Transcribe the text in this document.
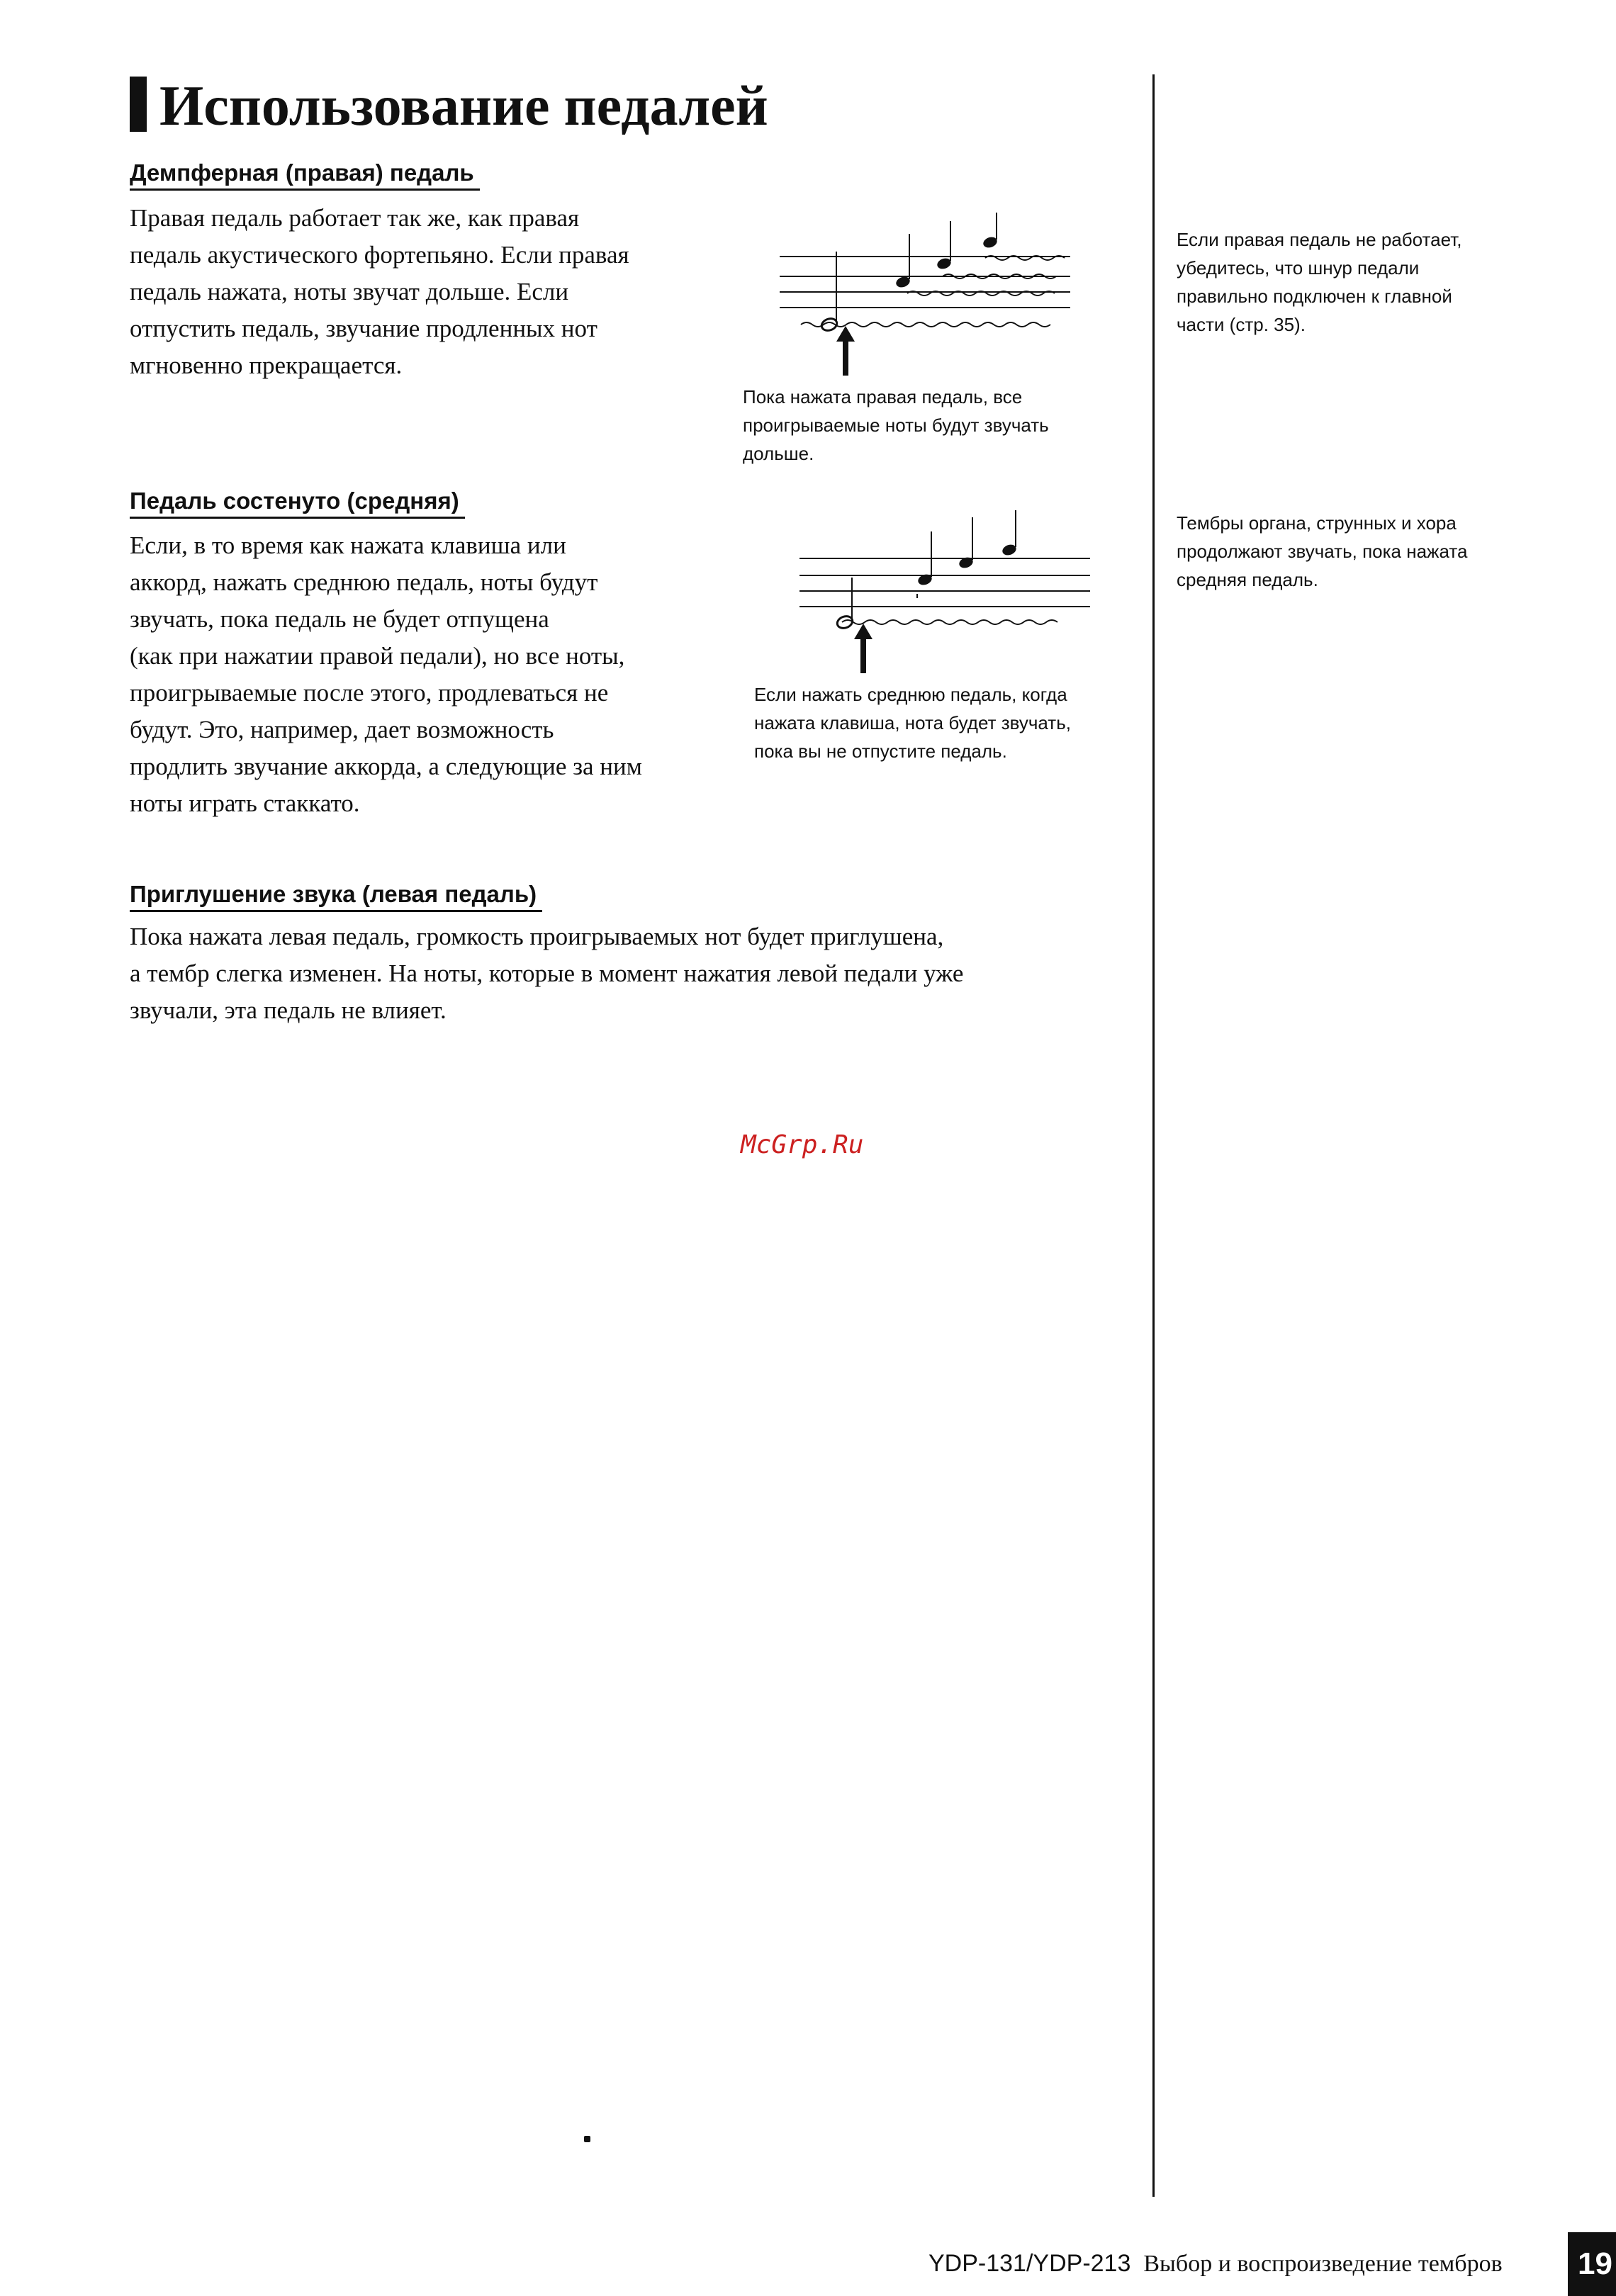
Использование педалей
Демпферная (правая) педаль

Правая педаль работает так же, как правая
педаль акустического фортепьяно. Если правая
педаль нажата, ноты звучат дольше. Если
отпустить педаль, звучание продленных нот
мгновенно прекращается.

Пока нажата правая педаль, все
проигрываемые ноты будут звучать
дольше.

Педаль состенуто (средняя)

Если, в то время как нажата клавиша или
аккорд, нажать среднюю педаль, ноты будут
звучать, пока педаль не будет отпущена
(как при нажатии правой педали), но все ноты,
проигрываемые после этого, продлеваться не
будут. Это, например, дает возможность
продлить звучание аккорда, а следующие за ним
ноты играть стаккато.

Если нажать среднюю педаль, когда
нажата клавиша, нота будет звучать,
пока вы не отпустите педаль.

Приглушение звука (левая педаль)

Пока нажата левая педаль, громкость проигрываемых нот будет приглушена,
а тембр слегка изменен. На ноты, которые в момент нажатия левой педали уже
звучали, эта педаль не влияет.

Если правая педаль не работает,
убедитесь, что шнур педали
правильно подключен к главной
части (стр. 35).

Тембры органа, струнных и хора
продолжают звучать, пока нажата
средняя педаль.

McGrp.Ru
YDP-131/YDP-213 Выбор и воспроизведение тембров	19
